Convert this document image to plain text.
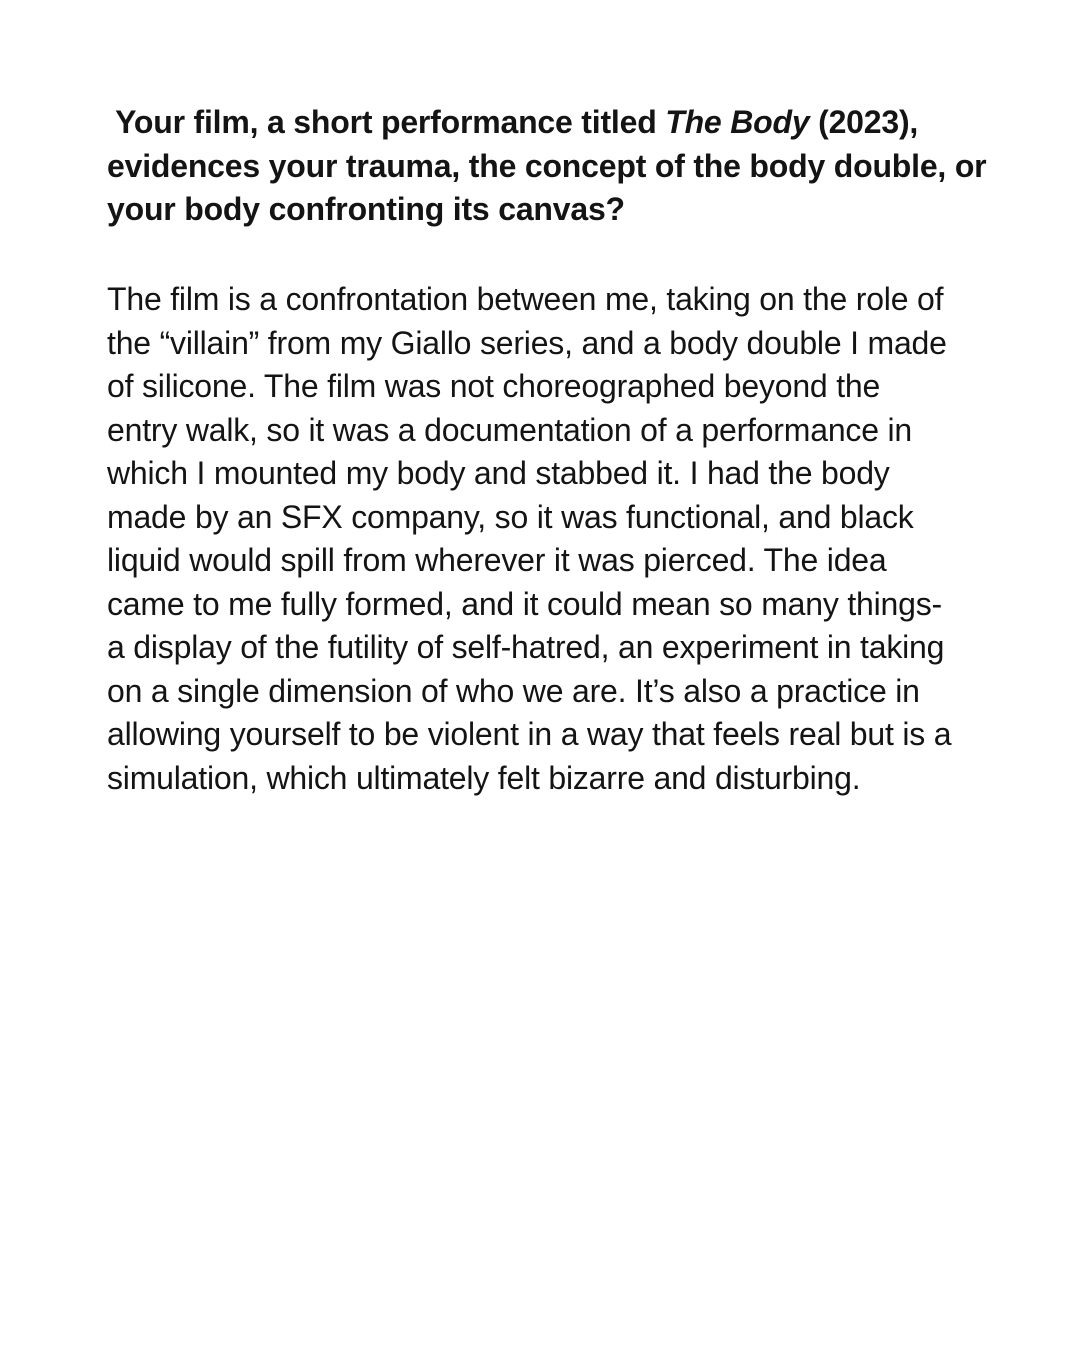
Your film, a short performance titled The Body (2023),
evidences your trauma, the concept of the body double, or
your body confronting its canvas?
The film is a confrontation between me, taking on the role of
the “villain” from my Giallo series, and a body double I made
of silicone. The film was not choreographed beyond the
entry walk, so it was a documentation of a performance in
which I mounted my body and stabbed it. I had the body
made by an SFX company, so it was functional, and black
liquid would spill from wherever it was pierced. The idea
came to me fully formed, and it could mean so many things-
a display of the futility of self-hatred, an experiment in taking
on a single dimension of who we are. It’s also a practice in
allowing yourself to be violent in a way that feels real but is a
simulation, which ultimately felt bizarre and disturbing.
